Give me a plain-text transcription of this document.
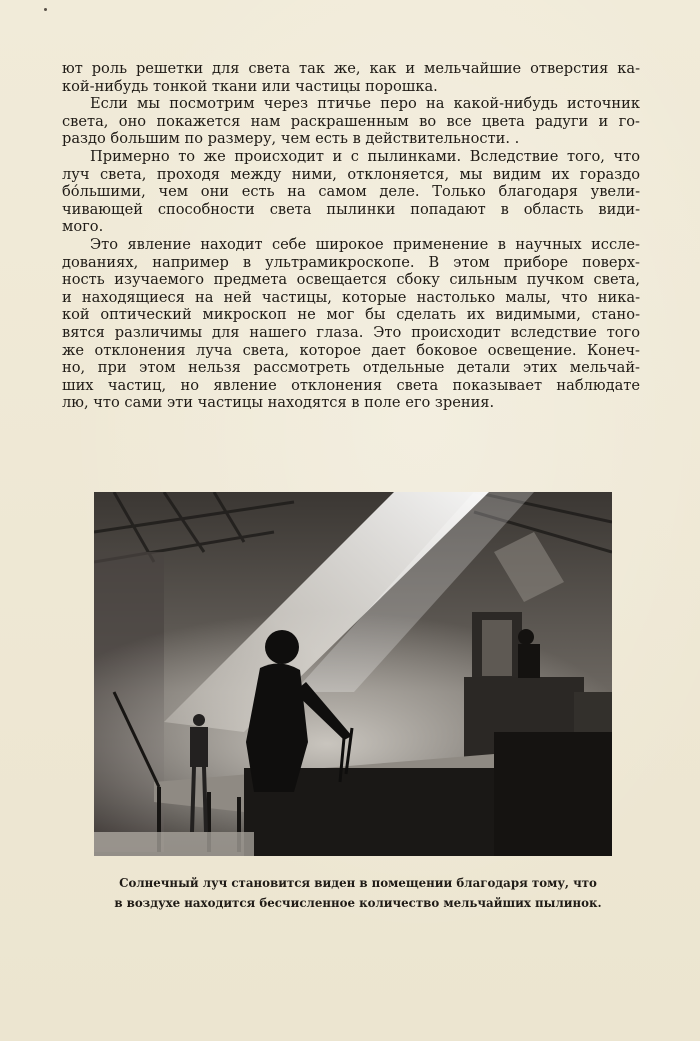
ют роль решетки для света так же, как и мельчайшие отверстия ка-
кой-нибудь тонкой ткани или частицы порошка.
Если мы посмотрим через птичье перо на какой-нибудь источник
света, оно покажется нам раскрашенным во все цвета радуги и го-
раздо большим по размеру, чем есть в действительности. .
Примерно то же происходит и с пылинками. Вследствие того, что
луч света, проходя между ними, отклоняется, мы видим их гораздо
бо́льшими, чем они есть на самом деле. Только благодаря увели-
чивающей способности света пылинки попадают в область види-
мого.
Это явление находит себе широкое применение в научных иссле-
дованиях, например в ультрамикроскопе. В этом приборе поверх-
ность изучаемого предмета освещается сбоку сильным пучком света,
и находящиеся на ней частицы, которые настолько малы, что ника-
кой оптический микроскоп не мог бы сделать их видимыми, стано-
вятся различимы для нашего глаза. Это происходит вследствие того
же отклонения луча света, которое дает боковое освещение. Конеч-
но, при этом нельзя рассмотреть отдельные детали этих мельчай-
ших частиц, но явление отклонения света показывает наблюдате
лю, что сами эти частицы находятся в поле его зрения.
Солнечный луч становится виден в помещении благодаря тому, что
в воздухе находится бесчисленное количество мельчайших пылинок.
